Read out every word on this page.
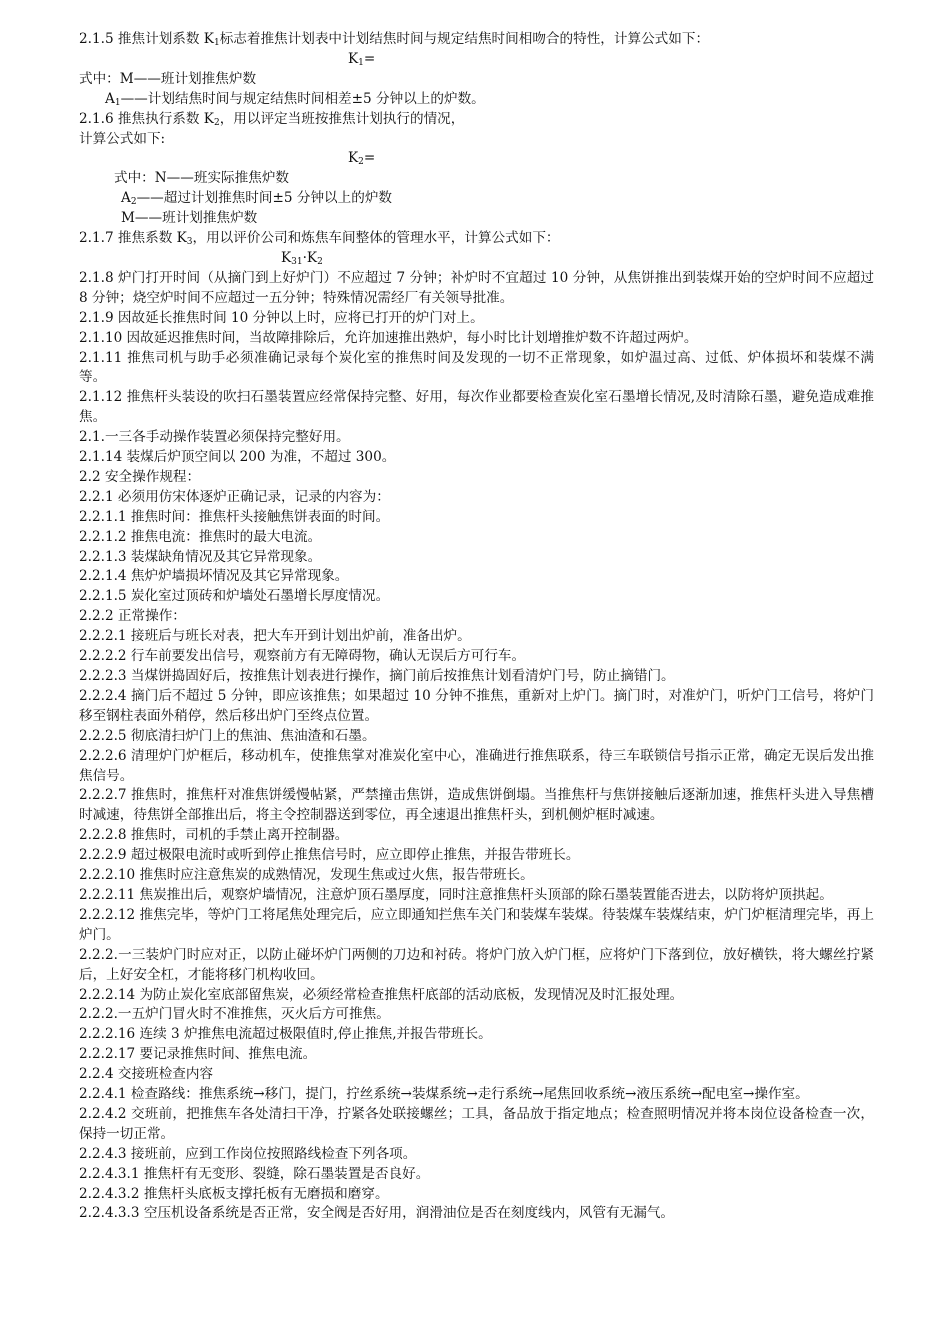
2.1.5 推焦计划系数 $K_1$标志着推焦计划表中计划结焦时间与规定结焦时间相吻合的特性，计算公式如下：

$K_1=$

式中：M——班计划推焦炉数

$A_1——$计划结焦时间与规定结焦时间相差±5 分钟以上的炉数。

2.1.6 推焦执行系数 $K_2$，用以评定当班按推焦计划执行的情况，

计算公式如下:

$K_2=$

式中：N——班实际推焦炉数

$A_2——$超过计划推焦时间±5 分钟以上的炉数

M——班计划推焦炉数

2.1.7 推焦系数 $K_3$，用以评价公司和炼焦车间整体的管理水平，计算公式如下：

$K_{31}\cdot K_2$

2.1.8 炉门打开时间（从摘门到上好炉门）不应超过 7 分钟；补炉时不宜超过 10 分钟，从焦饼推出到装煤开始的空炉时间不应超过 8 分钟；烧空炉时间不应超过一五分钟；特殊情况需经厂有关领导批准。

2.1.9 因故延长推焦时间 10 分钟以上时，应将已打开的炉门对上。

2.1.10 因故延迟推焦时间，当故障排除后，允许加速推出熟炉，每小时比计划增推炉数不许超过两炉。

2.1.11 推焦司机与助手必须准确记录每个炭化室的推焦时间及发现的一切不正常现象，如炉温过高、过低、炉体损坏和装煤不满等。

2.1.12 推焦杆头装设的吹扫石墨装置应经常保持完整、好用，每次作业都要检查炭化室石墨增长情况,及时清除石墨，避免造成难推焦。

2.1.一三各手动操作装置必须保持完整好用。

2.1.14 装煤后炉顶空间以 200 为准，不超过 300。

2.2 安全操作规程：

2.2.1 必须用仿宋体逐炉正确记录，记录的内容为：

2.2.1.1 推焦时间：推焦杆头接触焦饼表面的时间。

2.2.1.2 推焦电流：推焦时的最大电流。

2.2.1.3 装煤缺角情况及其它异常现象。

2.2.1.4 焦炉炉墙损坏情况及其它异常现象。

2.2.1.5 炭化室过顶砖和炉墙处石墨增长厚度情况。

2.2.2 正常操作：

2.2.2.1 接班后与班长对表，把大车开到计划出炉前，准备出炉。

2.2.2.2 行车前要发出信号，观察前方有无障碍物，确认无误后方可行车。

2.2.2.3 当煤饼捣固好后，按推焦计划表进行操作，摘门前后按推焦计划看清炉门号，防止摘错门。

2.2.2.4 摘门后不超过 5 分钟，即应该推焦；如果超过 10 分钟不推焦，重新对上炉门。摘门时，对准炉门，听炉门工信号，将炉门移至钢柱表面外稍停，然后移出炉门至终点位置。

2.2.2.5 彻底清扫炉门上的焦油、焦油渣和石墨。

2.2.2.6 清理炉门炉框后，移动机车，使推焦掌对准炭化室中心，准确进行推焦联系，待三车联锁信号指示正常，确定无误后发出推焦信号。

2.2.2.7 推焦时，推焦杆对准焦饼缓慢帖紧，严禁撞击焦饼，造成焦饼倒塌。当推焦杆与焦饼接触后逐渐加速，推焦杆头进入导焦槽时减速，待焦饼全部推出后，将主令控制器送到零位，再全速退出推焦杆头，到机侧炉框时减速。

2.2.2.8 推焦时，司机的手禁止离开控制器。

2.2.2.9 超过极限电流时或听到停止推焦信号时，应立即停止推焦，并报告带班长。

2.2.2.10 推焦时应注意焦炭的成熟情况，发现生焦或过火焦，报告带班长。

2.2.2.11 焦炭推出后，观察炉墙情况，注意炉顶石墨厚度，同时注意推焦杆头顶部的除石墨装置能否进去，以防将炉顶拱起。

2.2.2.12 推焦完毕，等炉门工将尾焦处理完后，应立即通知拦焦车关门和装煤车装煤。待装煤车装煤结束，炉门炉框清理完毕，再上炉门。

2.2.2.一三装炉门时应对正，以防止碰坏炉门两侧的刀边和衬砖。将炉门放入炉门框，应将炉门下落到位，放好横铁，将大螺丝拧紧后，上好安全杠，才能将移门机构收回。

2.2.2.14 为防止炭化室底部留焦炭，必须经常检查推焦杆底部的活动底板，发现情况及时汇报处理。

2.2.2.一五炉门冒火时不准推焦，灭火后方可推焦。

2.2.2.16 连续 3 炉推焦电流超过极限值时,停止推焦,并报告带班长。

2.2.2.17 要记录推焦时间、推焦电流。

2.2.4 交接班检查内容

2.2.4.1 检查路线：推焦系统→移门，提门，拧丝系统→装煤系统→走行系统→尾焦回收系统→液压系统→配电室→操作室。

2.2.4.2 交班前，把推焦车各处清扫干净，拧紧各处联接螺丝；工具，备品放于指定地点；检查照明情况并将本岗位设备检查一次，保持一切正常。

2.2.4.3 接班前，应到工作岗位按照路线检查下列各项。

2.2.4.3.1 推焦杆有无变形、裂缝，除石墨装置是否良好。

2.2.4.3.2 推焦杆头底板支撑托板有无磨损和磨穿。

2.2.4.3.3 空压机设备系统是否正常，安全阀是否好用，润滑油位是否在刻度线内，风管有无漏气。
